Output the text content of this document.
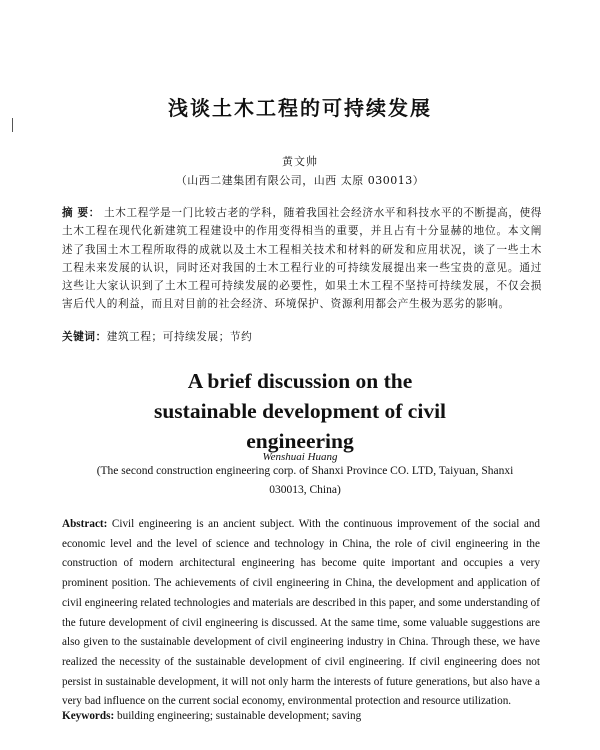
浅谈土木工程的可持续发展
黄文帅
（山西二建集团有限公司，山西 太原 030013）
摘 要： 土木工程学是一门比较古老的学科，随着我国社会经济水平和科技水平的不断提高，使得土木工程在现代化新建筑工程建设中的作用变得相当的重要，并且占有十分显赫的地位。本文阐述了我国土木工程所取得的成就以及土木工程相关技术和材料的研发和应用状况，谈了一些土木工程未来发展的认识，同时还对我国的土木工程行业的可持续发展提出来一些宝贵的意见。通过这些让大家认识到了土木工程可持续发展的必要性，如果土木工程不坚持可持续发展，不仅会损害后代人的利益，而且对目前的社会经济、环境保护、资源利用都会产生极为恶劣的影响。
关键词：建筑工程；可持续发展；节约
A brief discussion on the sustainable development of civil engineering
Wenshuai Huang
(The second construction engineering corp. of Shanxi Province CO. LTD, Taiyuan, Shanxi 030013, China)
Abstract: Civil engineering is an ancient subject. With the continuous improvement of the social and economic level and the level of science and technology in China, the role of civil engineering in the construction of modern architectural engineering has become quite important and occupies a very prominent position. The achievements of civil engineering in China, the development and application of civil engineering related technologies and materials are described in this paper, and some understanding of the future development of civil engineering is discussed. At the same time, some valuable suggestions are also given to the sustainable development of civil engineering industry in China. Through these, we have realized the necessity of the sustainable development of civil engineering. If civil engineering does not persist in sustainable development, it will not only harm the interests of future generations, but also have a very bad influence on the current social economy, environmental protection and resource utilization.
Keywords: building engineering; sustainable development; saving
